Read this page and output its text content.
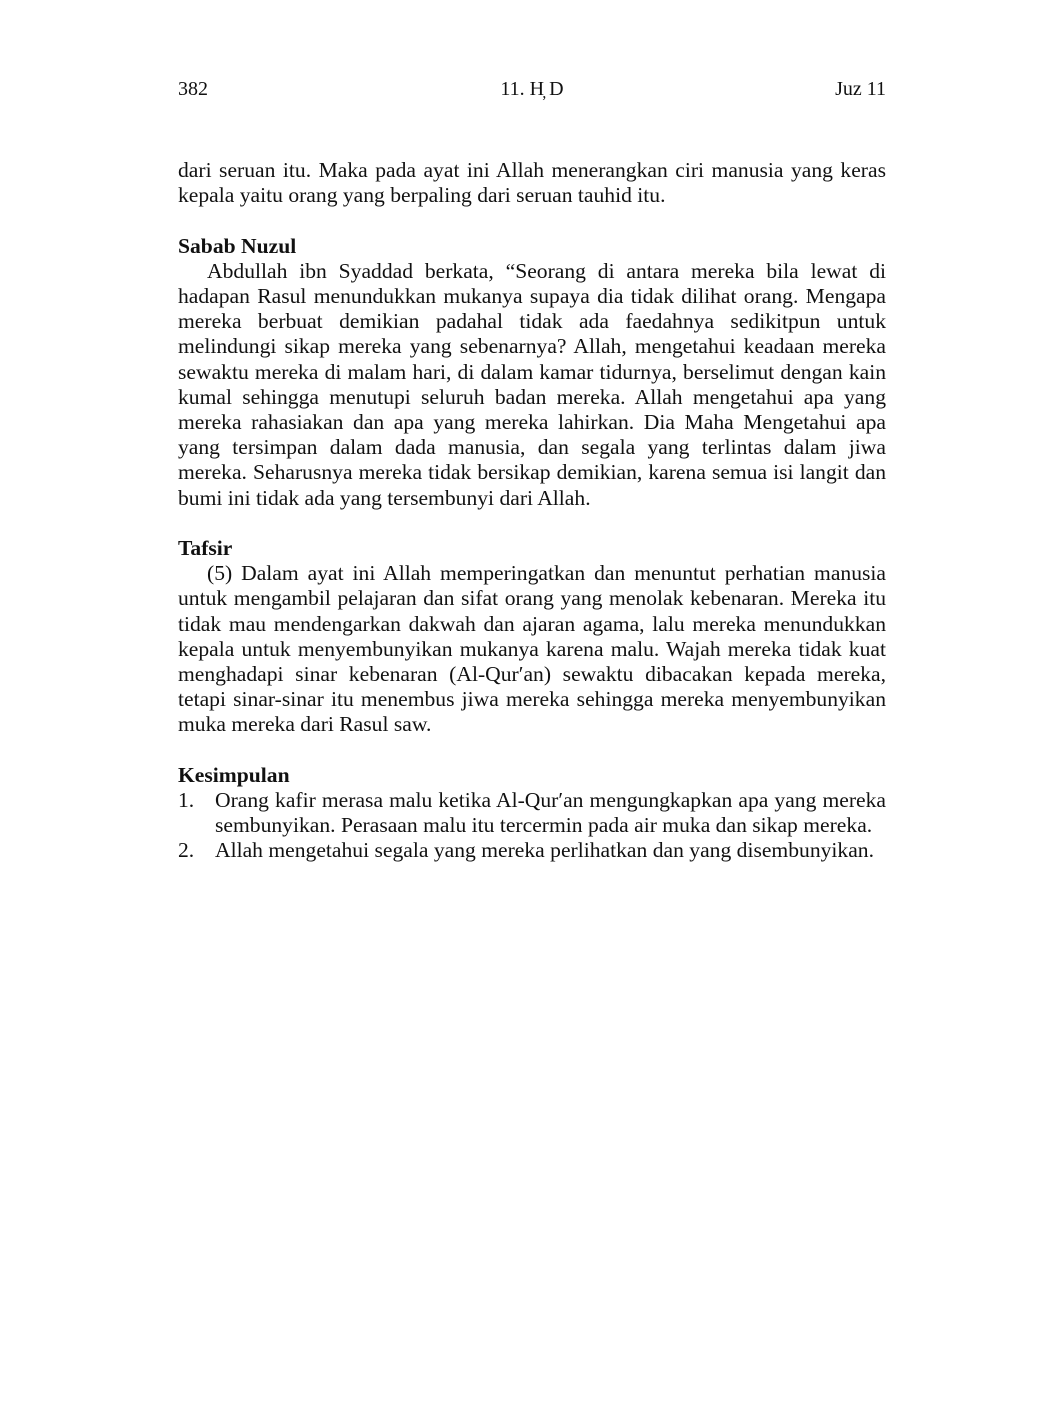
382	11. H̦ D	Juz 11

dari seruan itu. Maka pada ayat ini Allah menerangkan ciri manusia yang keras kepala yaitu orang yang berpaling dari seruan tauhid itu.

Sabab Nuzul

Abdullah ibn Syaddad berkata, “Seorang di antara mereka bila lewat di hadapan Rasul menundukkan mukanya supaya dia tidak dilihat orang. Mengapa mereka berbuat demikian padahal tidak ada faedahnya sedikitpun untuk melindungi sikap mereka yang sebenarnya? Allah, mengetahui keadaan mereka sewaktu mereka di malam hari, di dalam kamar tidurnya, berselimut dengan kain kumal sehingga menutupi seluruh badan mereka. Allah mengetahui apa yang mereka rahasiakan dan apa yang mereka lahirkan. Dia Maha Mengetahui apa yang tersimpan dalam dada manusia, dan segala yang terlintas dalam jiwa mereka. Seharusnya mereka tidak bersikap demikian, karena semua isi langit dan bumi ini tidak ada yang tersembunyi dari Allah.

Tafsir

(5) Dalam ayat ini Allah memperingatkan dan menuntut perhatian manusia untuk mengambil pelajaran dan sifat orang yang menolak kebenaran. Mereka itu tidak mau mendengarkan dakwah dan ajaran agama, lalu mereka menundukkan kepala untuk menyembunyikan mukanya karena malu. Wajah mereka tidak kuat menghadapi sinar kebenaran (Al-Qur′an) sewaktu dibacakan kepada mereka, tetapi sinar-sinar itu menembus jiwa mereka sehingga mereka menyembunyikan muka mereka dari Rasul saw.

Kesimpulan
1. Orang kafir merasa malu ketika Al-Qur′an mengungkapkan apa yang mereka sembunyikan. Perasaan malu itu tercermin pada air muka dan sikap mereka.
2. Allah mengetahui segala yang mereka perlihatkan dan yang disembunyikan.
